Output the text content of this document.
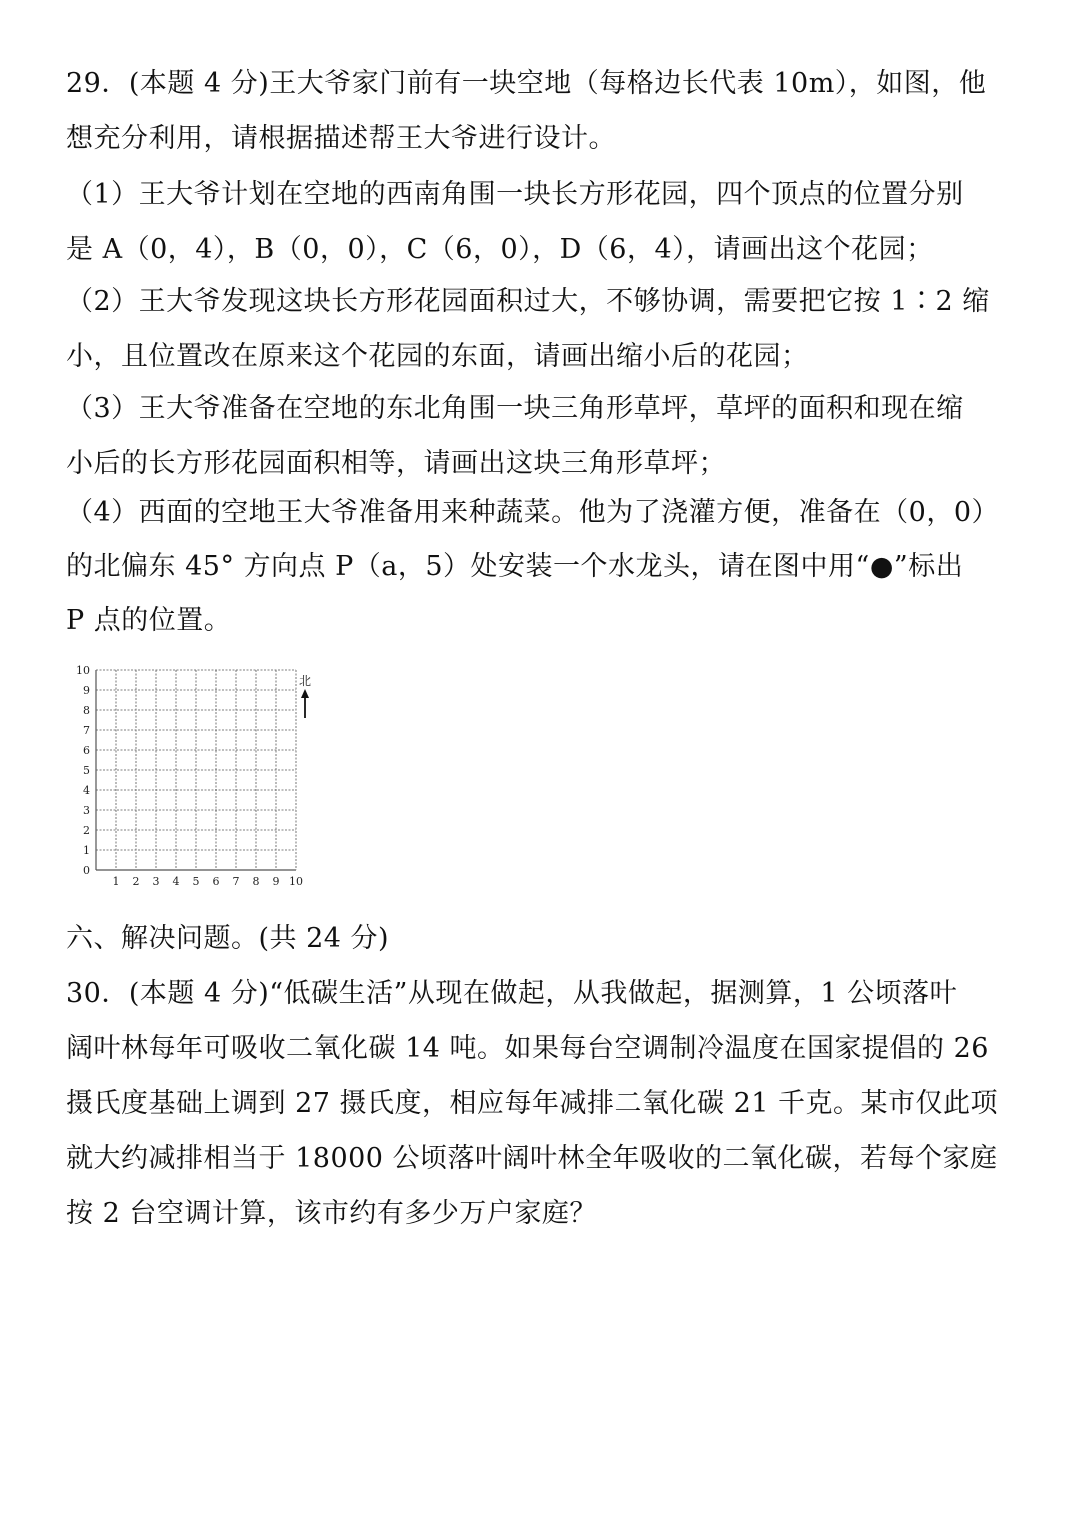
29．(本题 4 分)王大爷家门前有一块空地（每格边长代表 10m），如图，他
想充分利用，请根据描述帮王大爷进行设计。
（1）王大爷计划在空地的西南角围一块长方形花园，四个顶点的位置分别
是 A（0，4），B（0，0），C（6，0），D（6，4），请画出这个花园；
（2）王大爷发现这块长方形花园面积过大，不够协调，需要把它按 1∶2 缩
小，且位置改在原来这个花园的东面，请画出缩小后的花园；
（3）王大爷准备在空地的东北角围一块三角形草坪，草坪的面积和现在缩
小后的长方形花园面积相等，请画出这块三角形草坪；
（4）西面的空地王大爷准备用来种蔬菜。他为了浇灌方便，准备在（0，0）
的北偏东 45° 方向点 P（a，5）处安装一个水龙头，请在图中用“●”标出
P 点的位置。
0
1
2
3
4
5
6
7
8
9
10
1 2 3 4 5 6 7 8 9 10
北
六、解决问题。(共 24 分)
30．(本题 4 分)“低碳生活”从现在做起，从我做起，据测算，1 公顷落叶
阔叶林每年可吸收二氧化碳 14 吨。如果每台空调制冷温度在国家提倡的 26
摄氏度基础上调到 27 摄氏度，相应每年减排二氧化碳 21 千克。某市仅此项
就大约减排相当于 18000 公顷落叶阔叶林全年吸收的二氧化碳，若每个家庭
按 2 台空调计算，该市约有多少万户家庭？
